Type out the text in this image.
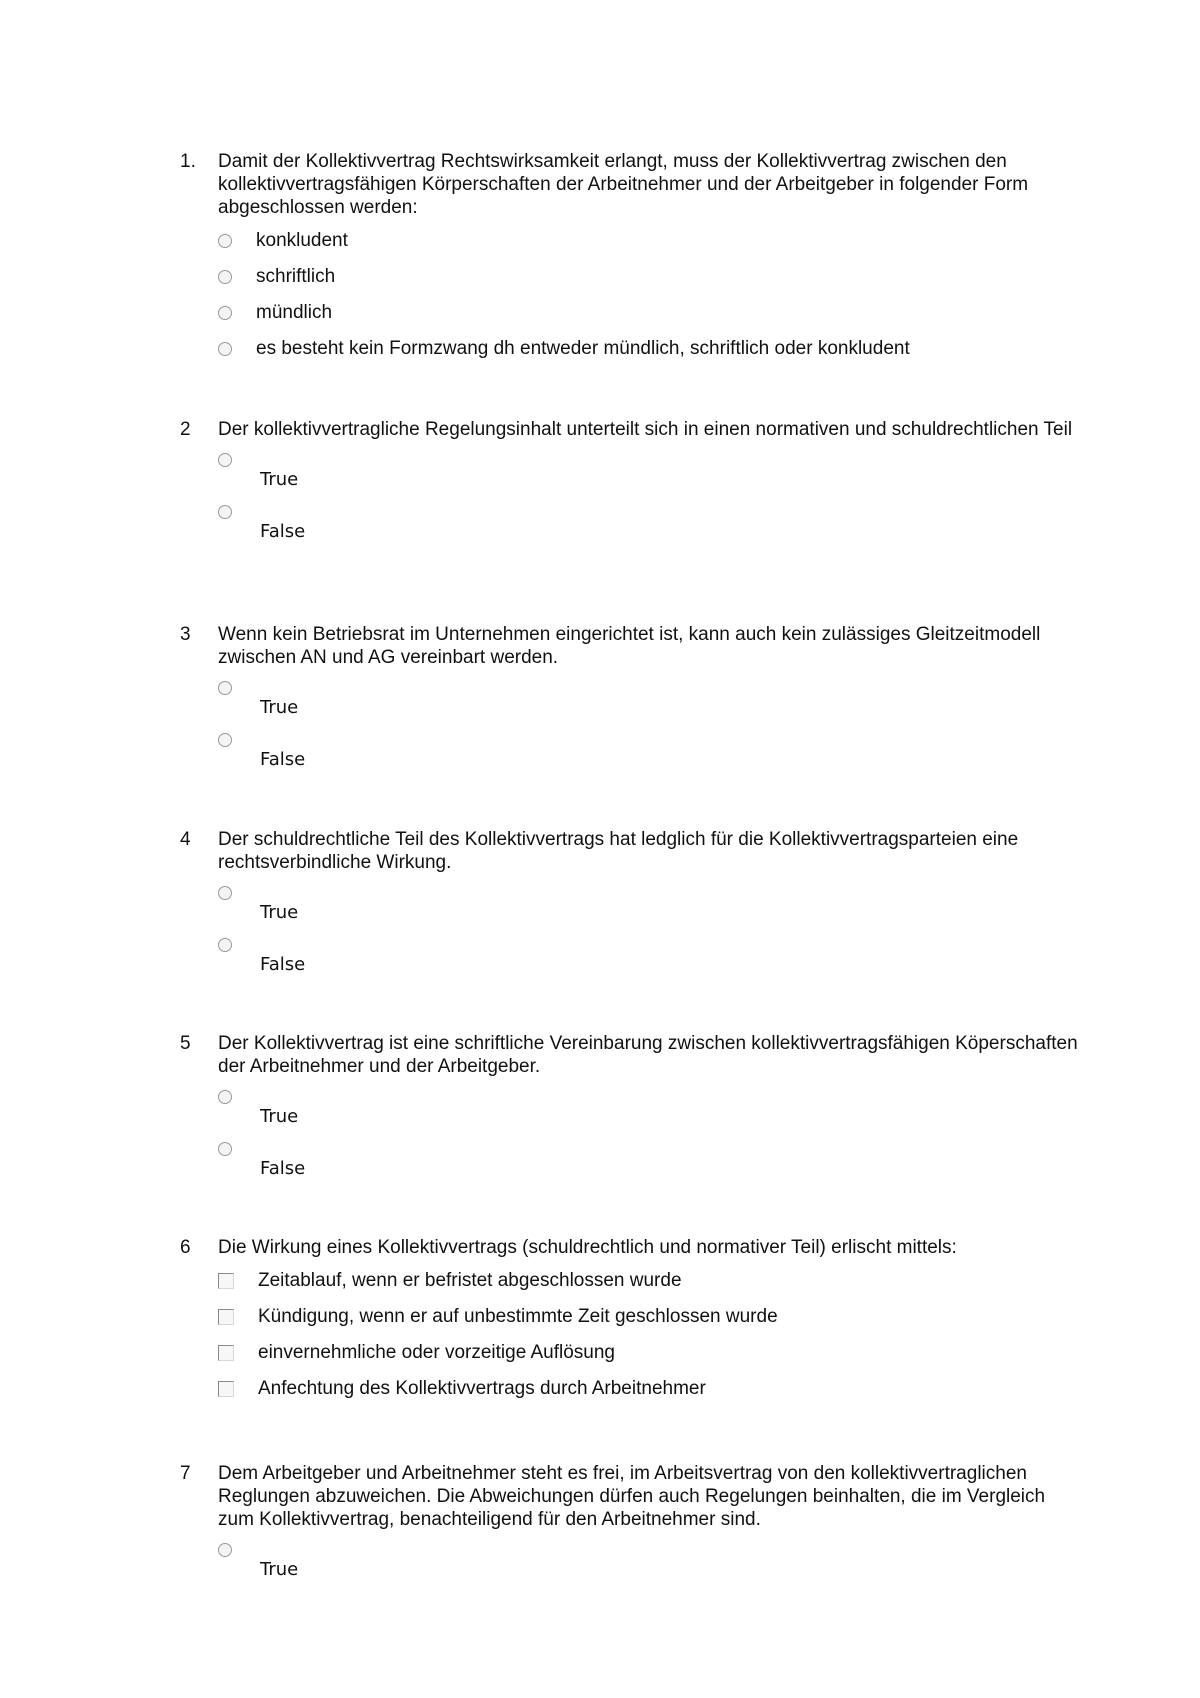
1. Damit der Kollektivvertrag Rechtswirksamkeit erlangt, muss der Kollektivvertrag zwischen den kollektivvertragsfähigen Körperschaften der Arbeitnehmer und der Arbeitgeber in folgender Form abgeschlossen werden:
konkludent
schriftlich
mündlich
es besteht kein Formzwang dh entweder mündlich, schriftlich oder konkludent
2 Der kollektivvertragliche Regelungsinhalt unterteilt sich in einen normativen und schuldrechtlichen Teil
True
False
3 Wenn kein Betriebsrat im Unternehmen eingerichtet ist, kann auch kein zulässiges Gleitzeitmodell zwischen AN und AG vereinbart werden.
True
False
4 Der schuldrechtliche Teil des Kollektivvertrags hat ledglich für die Kollektivvertragsparteien eine rechtsverbindliche Wirkung.
True
False
5 Der Kollektivvertrag ist eine schriftliche Vereinbarung zwischen kollektivvertragsfähigen Köperschaften der Arbeitnehmer und der Arbeitgeber.
True
False
6 Die Wirkung eines Kollektivvertrags (schuldrechtlich und normativer Teil) erlischt mittels:
Zeitablauf, wenn er befristet abgeschlossen wurde
Kündigung, wenn er auf unbestimmte Zeit geschlossen wurde
einvernehmliche oder vorzeitige Auflösung
Anfechtung des Kollektivvertrags durch Arbeitnehmer
7 Dem Arbeitgeber und Arbeitnehmer steht es frei, im Arbeitsvertrag von den kollektivvertraglichen Reglungen abzuweichen. Die Abweichungen dürfen auch Regelungen beinhalten, die im Vergleich zum Kollektivvertrag, benachteiligend für den Arbeitnehmer sind.
True
